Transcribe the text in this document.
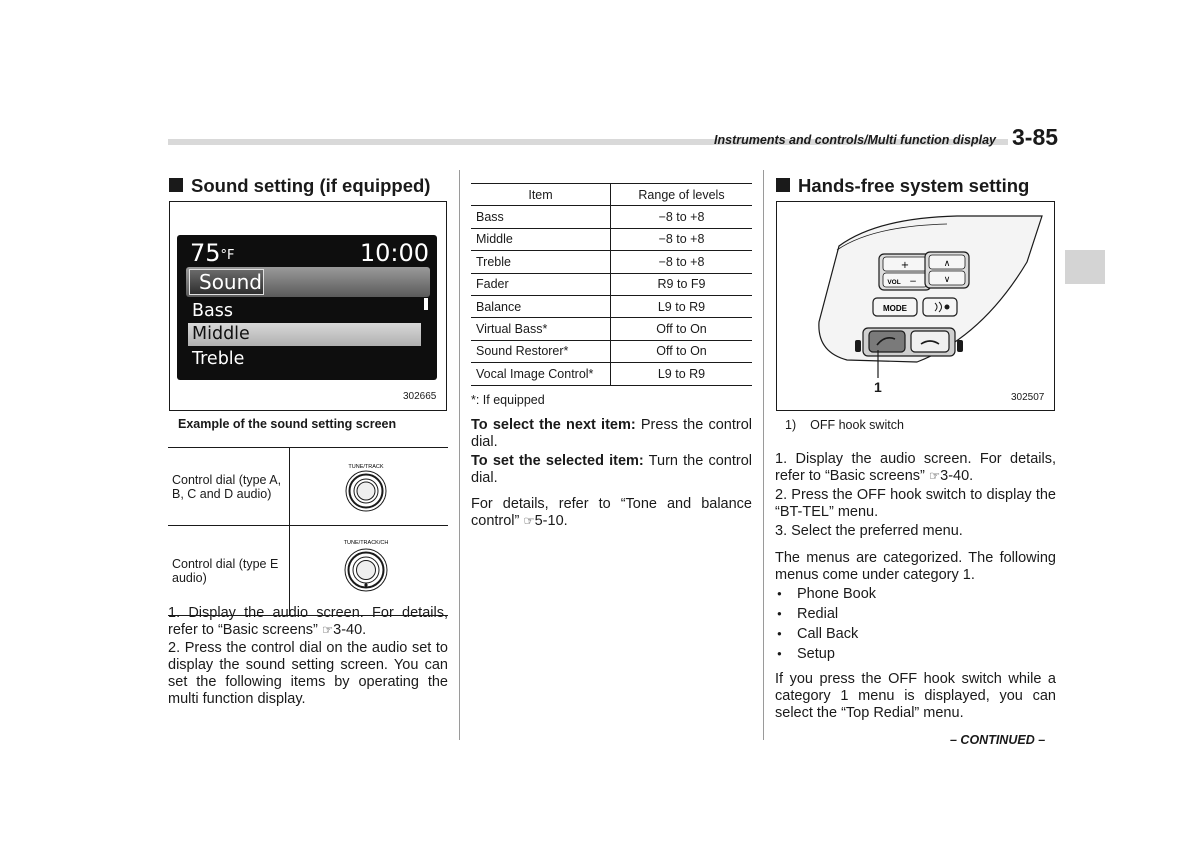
Instruments and controls/Multi function display 3-85
Sound setting (if equipped)
75°F	10:00
Sound
Bass
Middle
Treble
302665
Example of the sound setting screen
Control dial (type A, B, C and D audio)	TUNE/TRACK

Control dial (type E audio)	TUNE/TRACK/CH
1. Display the audio screen. For details, refer to “Basic screens” ☞3-40.
2. Press the control dial on the audio set to display the sound setting screen. You can set the following items by operating the multi function display.
Item	Range of levels
Bass	−8 to +8
Middle	−8 to +8
Treble	−8 to +8
Fader	R9 to F9
Balance	L9 to R9
Virtual Bass*	Off to On
Sound Restorer*	Off to On
Vocal Image Control*	L9 to R9
*: If equipped
To select the next item: Press the control dial.
To set the selected item: Turn the control dial.
For details, refer to “Tone and balance control” ☞5-10.
Hands-free system setting
+
VOL −
∧
∨
MODE
1
302507
1) OFF hook switch
1. Display the audio screen. For details, refer to “Basic screens” ☞3-40.
2. Press the OFF hook switch to display the “BT-TEL” menu.
3. Select the preferred menu.
The menus are categorized. The following menus come under category 1.
● Phone Book
● Redial
● Call Back
● Setup
If you press the OFF hook switch while a category 1 menu is displayed, you can select the “Top Redial” menu.
– CONTINUED –
